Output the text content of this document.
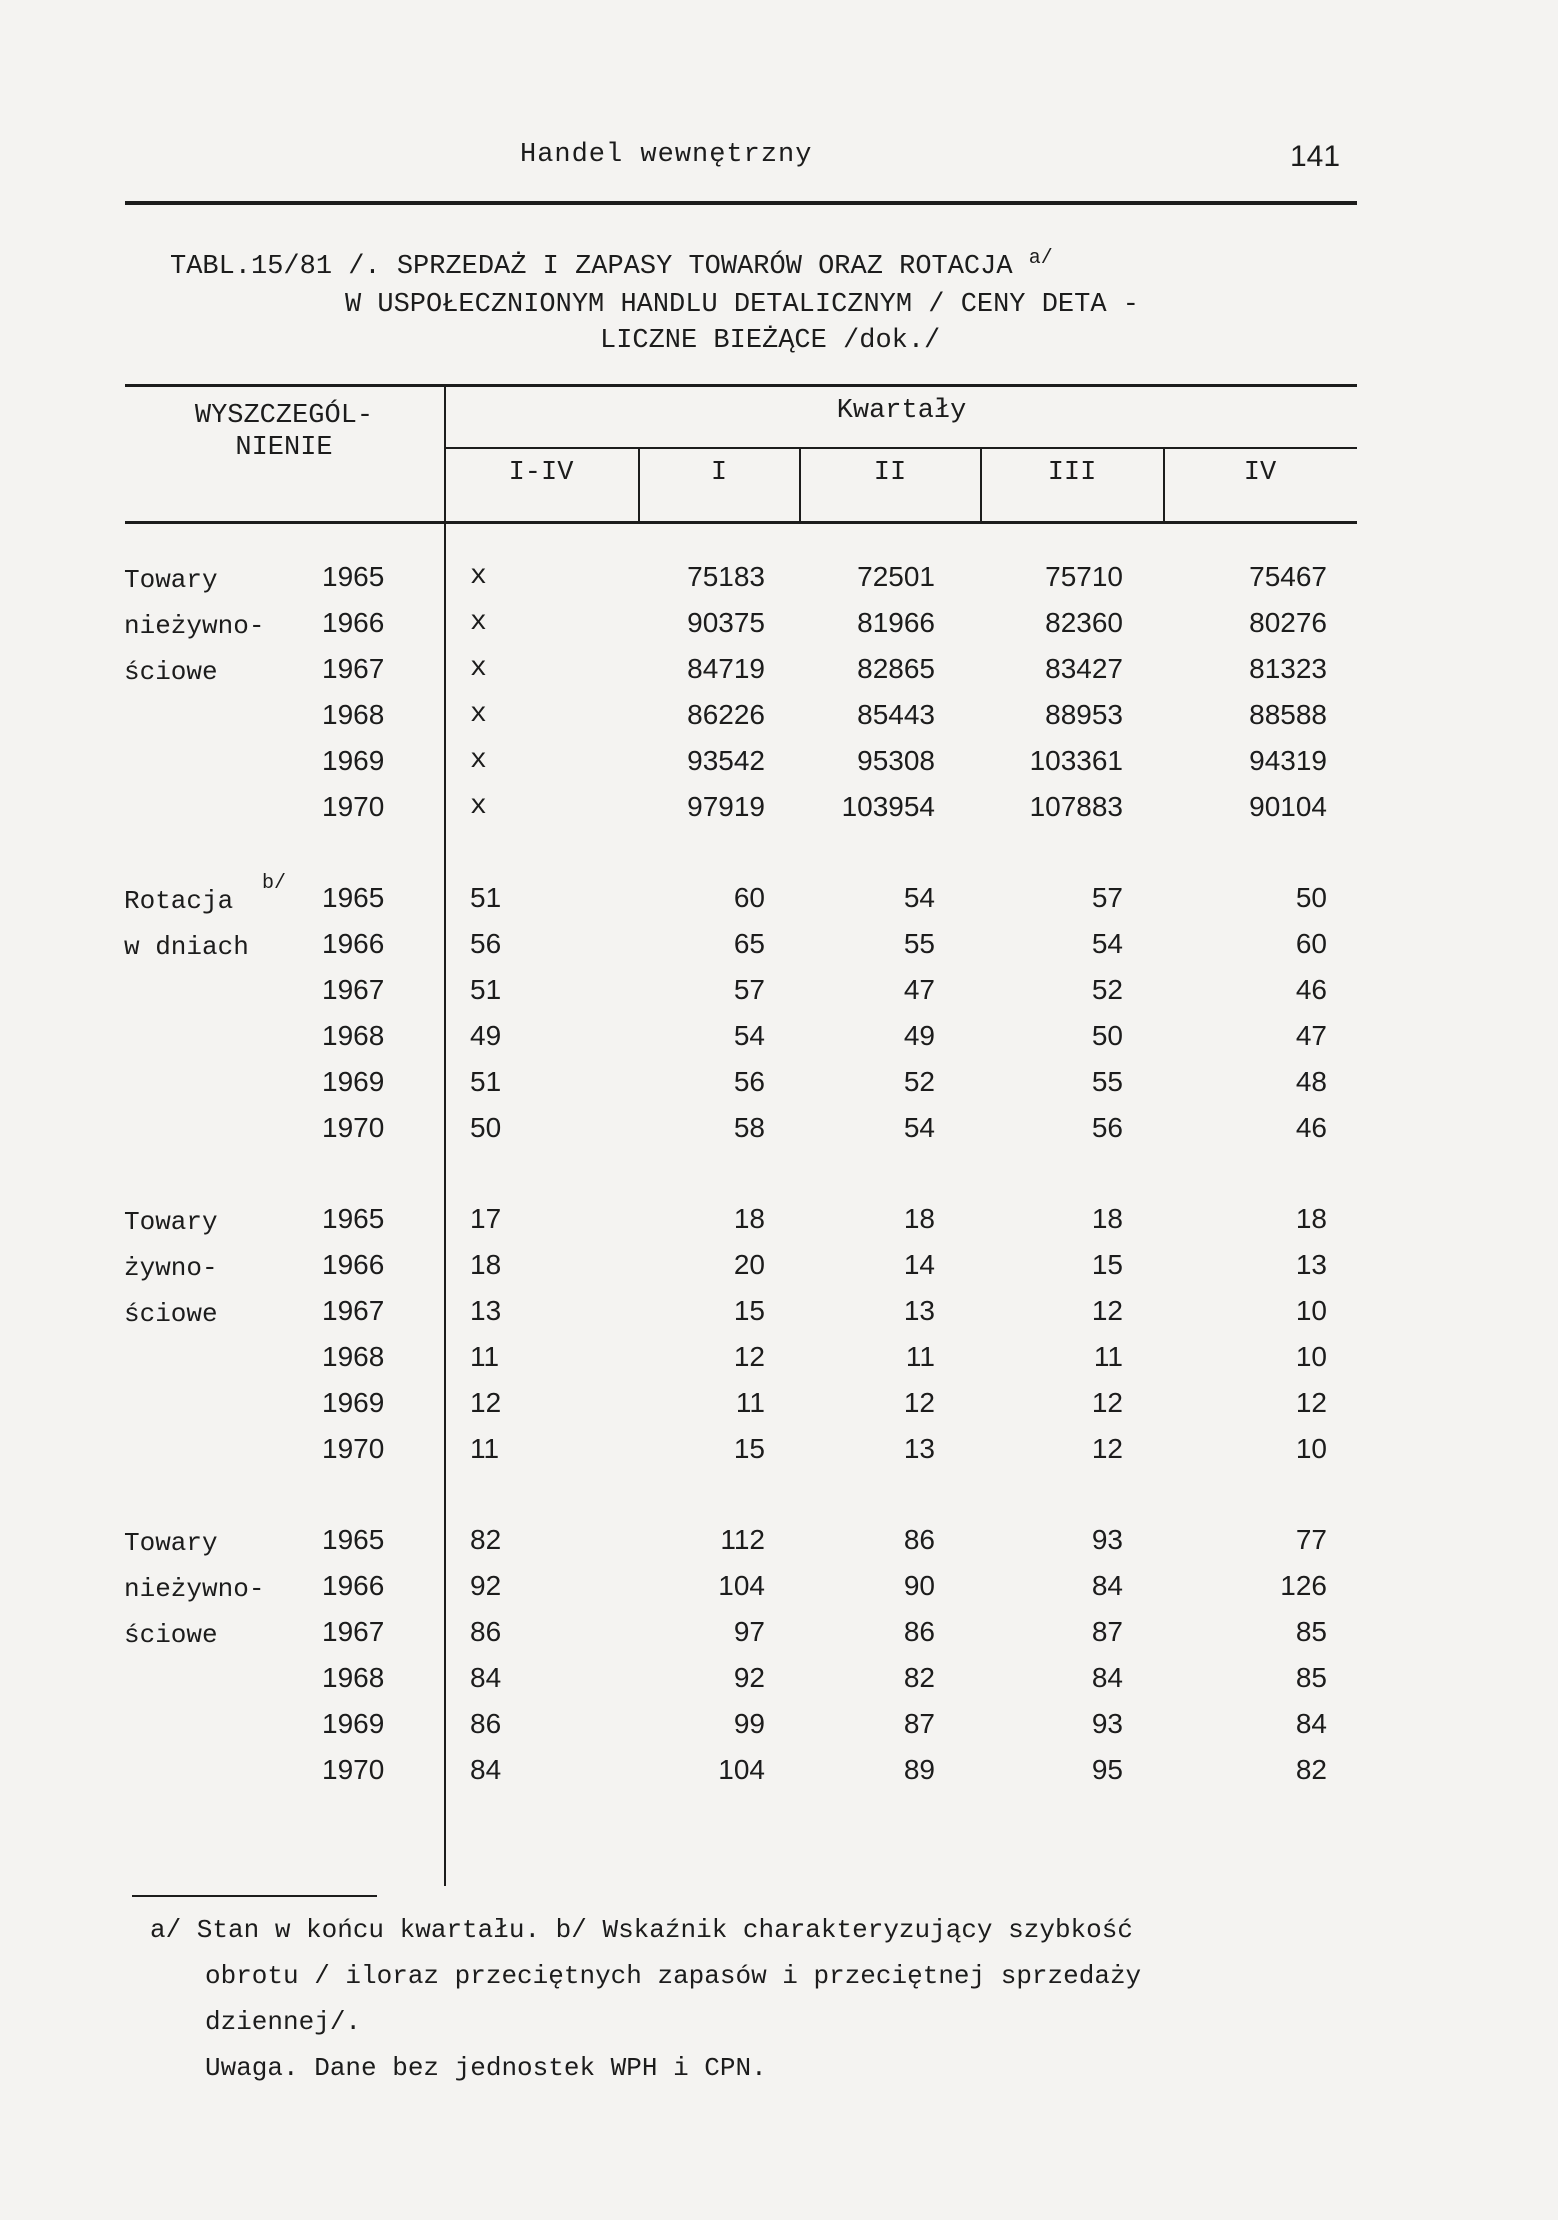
Handel wewnętrzny	141
TABL.15/81 /. SPRZEDAŻ I ZAPASY TOWARÓW ORAZ ROTACJA $^{a/}$
W USPOŁECZNIONYM HANDLU DETALICZNYM / CENY DETA -
LICZNE BIEŻĄCE /dok./
WYSZCZEGÓL-
NIENIE
Kwartały
I-IV	I	II	III	IV
Towary
nieżywno-
ściowe
1965	x	75183	72501	75710	75467
1966	x	90375	81966	82360	80276
1967	x	84719	82865	83427	81323
1968	x	86226	85443	88953	88588
1969	x	93542	95308	103361	94319
1970	x	97919	103954	107883	90104
Rotacja
w dniach
b/ 1965	51	60	54	57	50
1966	56	65	55	54	60
1967	51	57	47	52	46
1968	49	54	49	50	47
1969	51	56	52	55	48
1970	50	58	54	56	46
Towary
żywno-
ściowe
1965	17	18	18	18	18
1966	18	20	14	15	13
1967	13	15	13	12	10
1968	11	12	11	11	10
1969	12	11	12	12	12
1970	11	15	13	12	10
Towary
nieżywno-
ściowe
1965	82	112	86	93	77
1966	92	104	90	84	126
1967	86	97	86	87	85
1968	84	92	82	84	85
1969	86	99	87	93	84
1970	84	104	89	95	82
a/ Stan w końcu kwartału. b/ Wskaźnik charakteryzujący szybkość
obrotu / iloraz przeciętnych zapasów i przeciętnej sprzedaży
dziennej/.
Uwaga. Dane bez jednostek WPH i CPN.
